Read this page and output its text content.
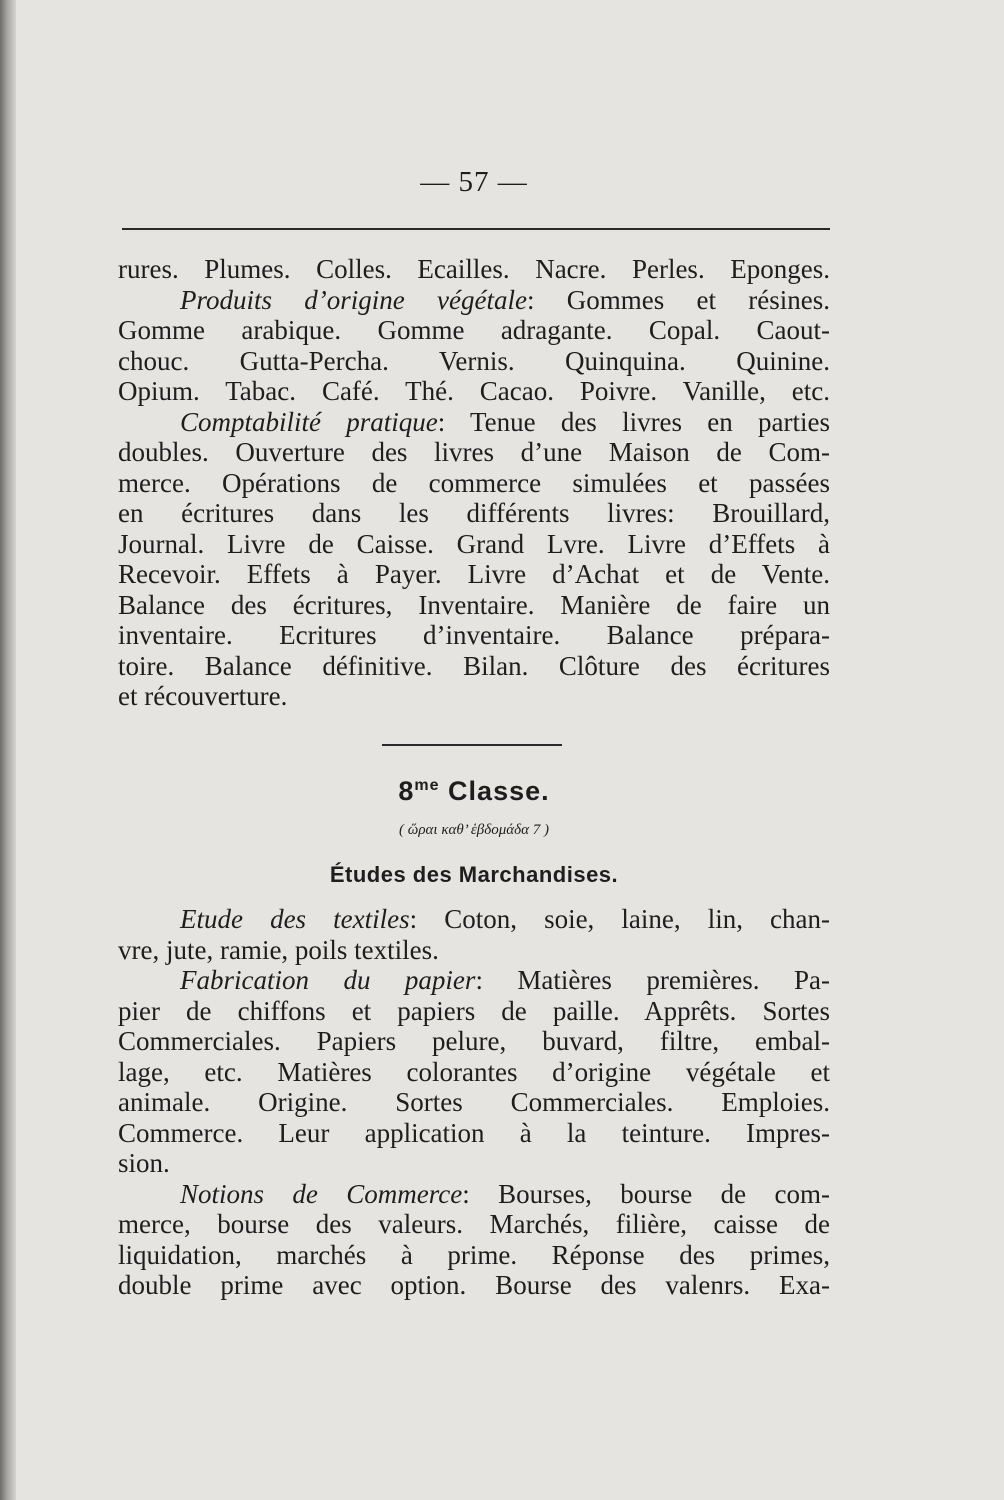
— 57 —
rures. Plumes. Colles. Ecailles. Nacre. Perles. Eponges.
Produits d’origine végétale: Gommes et résines.
Gomme arabique. Gomme adragante. Copal. Caout-
chouc. Gutta-Percha. Vernis. Quinquina. Quinine.
Opium. Tabac. Café. Thé. Cacao. Poivre. Vanille, etc.
Comptabilité pratique: Tenue des livres en parties
doubles. Ouverture des livres d’une Maison de Com-
merce. Opérations de commerce simulées et passées
en écritures dans les différents livres: Brouillard,
Journal. Livre de Caisse. Grand Lvre. Livre d’Effets à
Recevoir. Effets à Payer. Livre d’Achat et de Vente.
Balance des écritures, Inventaire. Manière de faire un
inventaire. Ecritures d’inventaire. Balance prépara-
toire. Balance définitive. Bilan. Clôture des écritures
et récouverture.
$8^{me}$ Classe.
( ὥραι καθ’ ἑβδομάδα 7 )
Études des Marchandises.
Etude des textiles: Coton, soie, laine, lin, chan-
vre, jute, ramie, poils textiles.
Fabrication du papier: Matières premières. Pa-
pier de chiffons et papiers de paille. Apprêts. Sortes
Commerciales. Papiers pelure, buvard, filtre, embal-
lage, etc. Matières colorantes d’origine végétale et
animale. Origine. Sortes Commerciales. Emploies.
Commerce. Leur application à la teinture. Impres-
sion.
Notions de Commerce: Bourses, bourse de com-
merce, bourse des valeurs. Marchés, filière, caisse de
liquidation, marchés à prime. Réponse des primes,
double prime avec option. Bourse des valenrs. Exa-
